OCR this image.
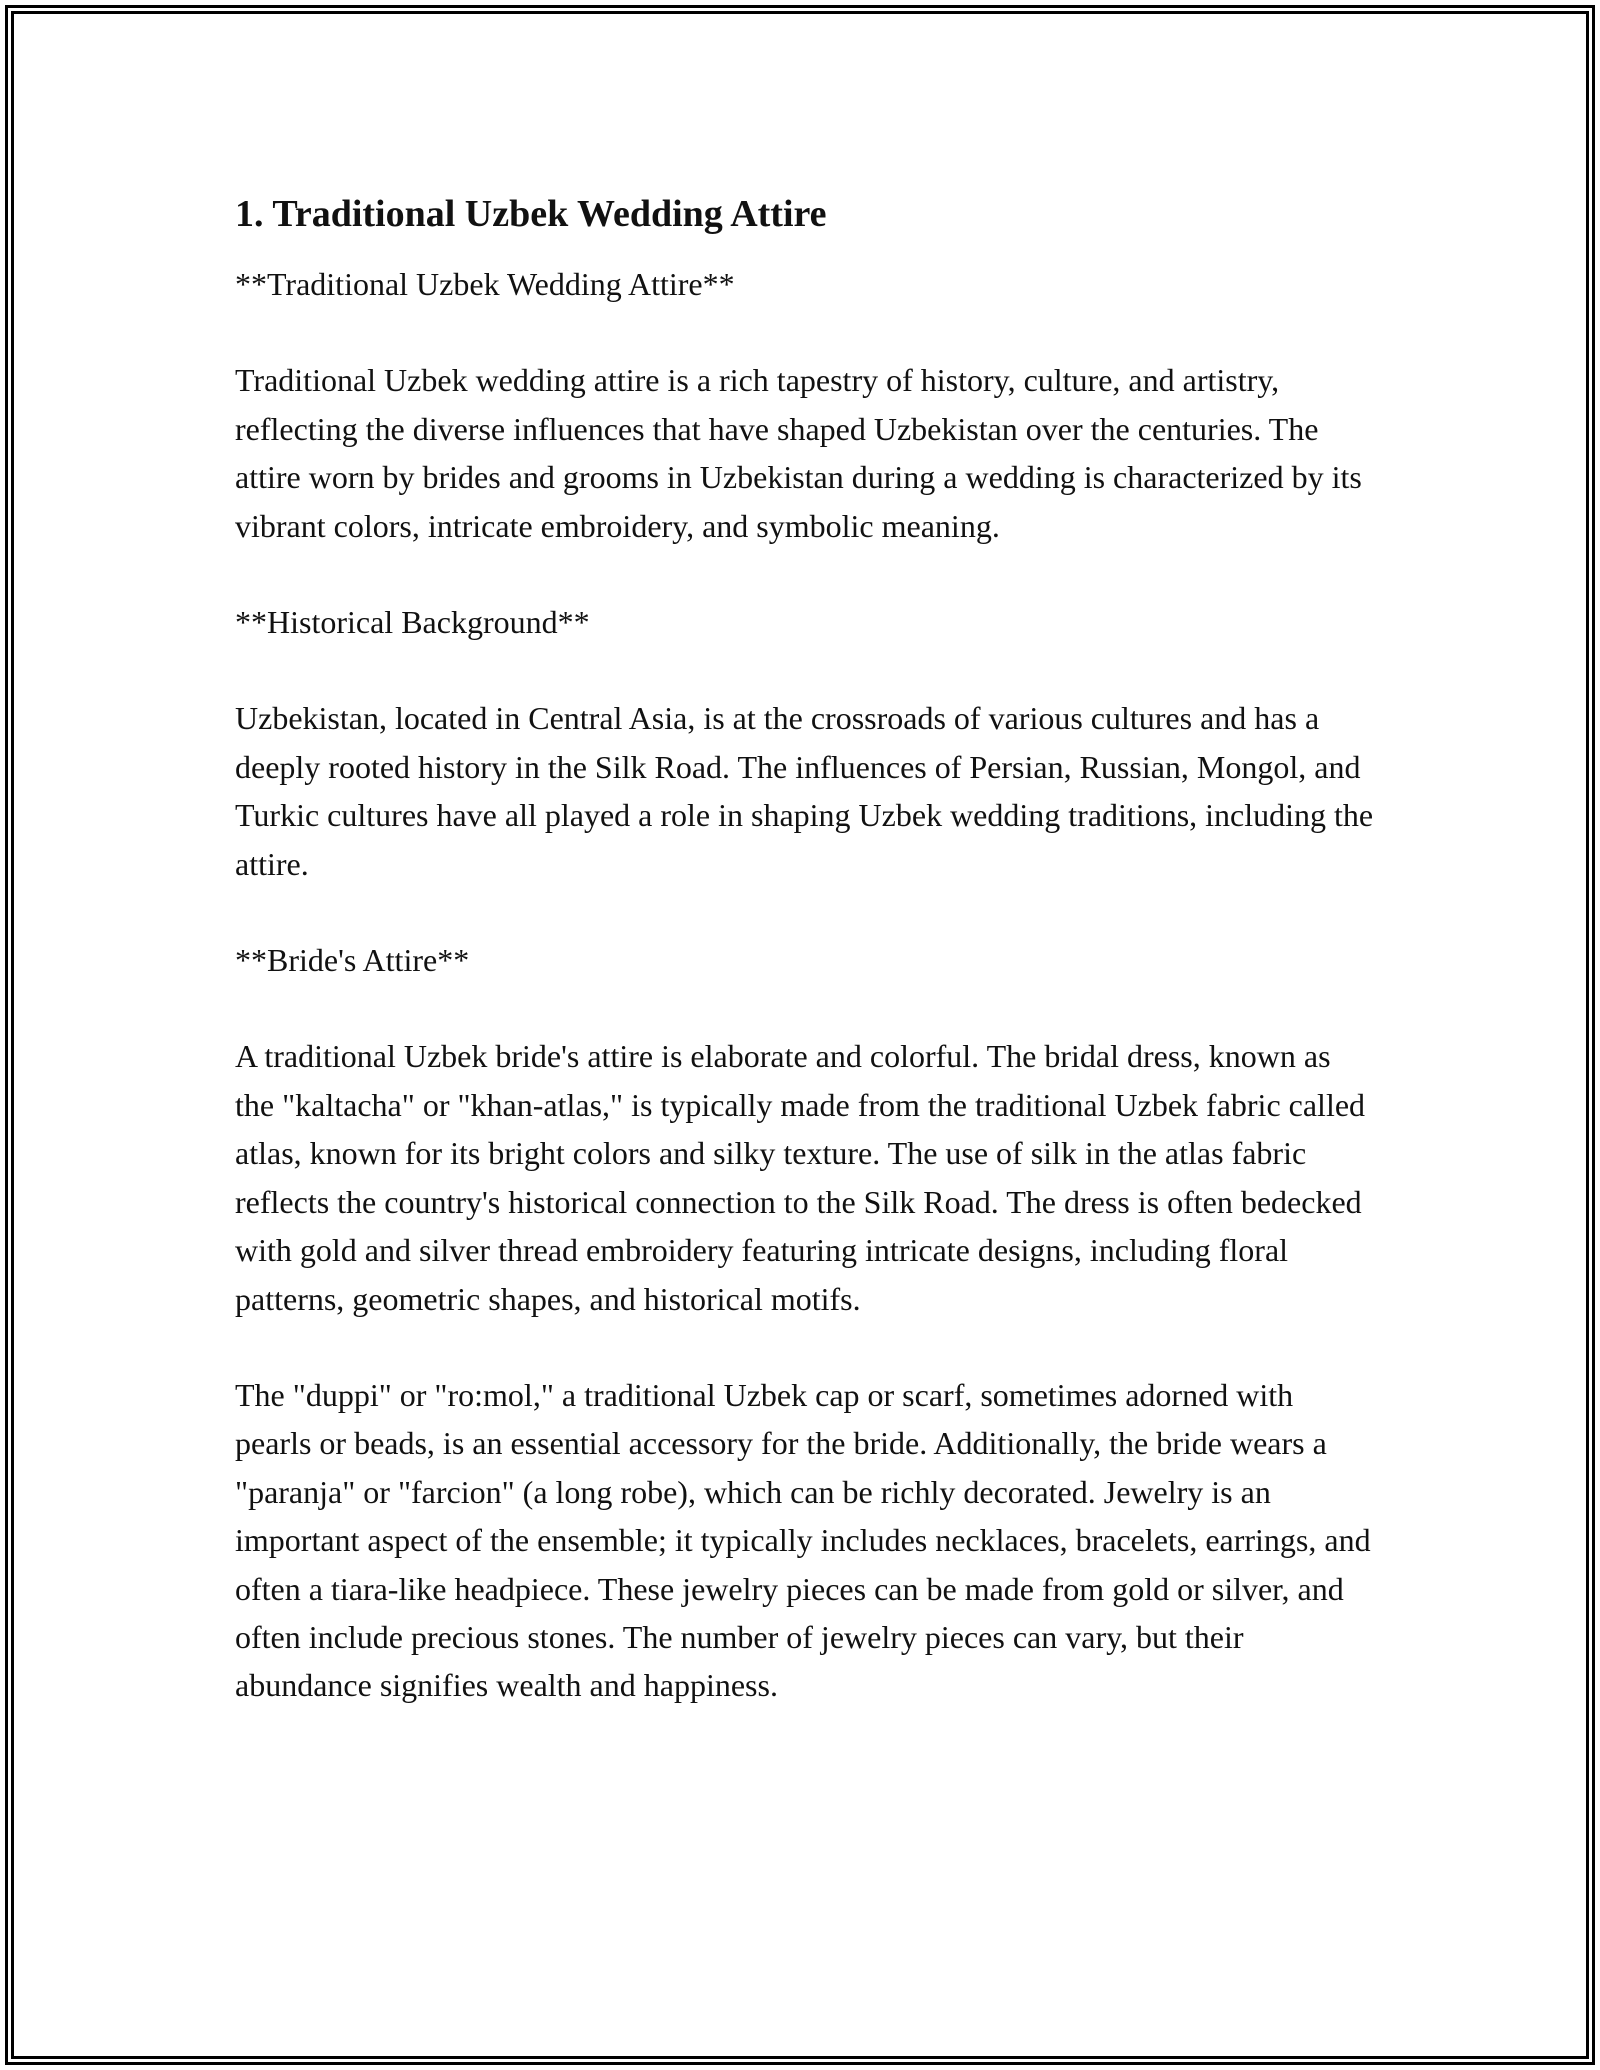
1. Traditional Uzbek Wedding Attire

**Traditional Uzbek Wedding Attire**

Traditional Uzbek wedding attire is a rich tapestry of history, culture, and artistry, reflecting the diverse influences that have shaped Uzbekistan over the centuries. The attire worn by brides and grooms in Uzbekistan during a wedding is characterized by its vibrant colors, intricate embroidery, and symbolic meaning.

**Historical Background**

Uzbekistan, located in Central Asia, is at the crossroads of various cultures and has a deeply rooted history in the Silk Road. The influences of Persian, Russian, Mongol, and Turkic cultures have all played a role in shaping Uzbek wedding traditions, including the attire.

**Bride's Attire**

A traditional Uzbek bride's attire is elaborate and colorful. The bridal dress, known as the "kaltacha" or "khan-atlas," is typically made from the traditional Uzbek fabric called atlas, known for its bright colors and silky texture. The use of silk in the atlas fabric reflects the country's historical connection to the Silk Road. The dress is often bedecked with gold and silver thread embroidery featuring intricate designs, including floral patterns, geometric shapes, and historical motifs.

The "duppi" or "ro:mol," a traditional Uzbek cap or scarf, sometimes adorned with pearls or beads, is an essential accessory for the bride. Additionally, the bride wears a "paranja" or "farcion" (a long robe), which can be richly decorated. Jewelry is an important aspect of the ensemble; it typically includes necklaces, bracelets, earrings, and often a tiara-like headpiece. These jewelry pieces can be made from gold or silver, and often include precious stones. The number of jewelry pieces can vary, but their abundance signifies wealth and happiness.
